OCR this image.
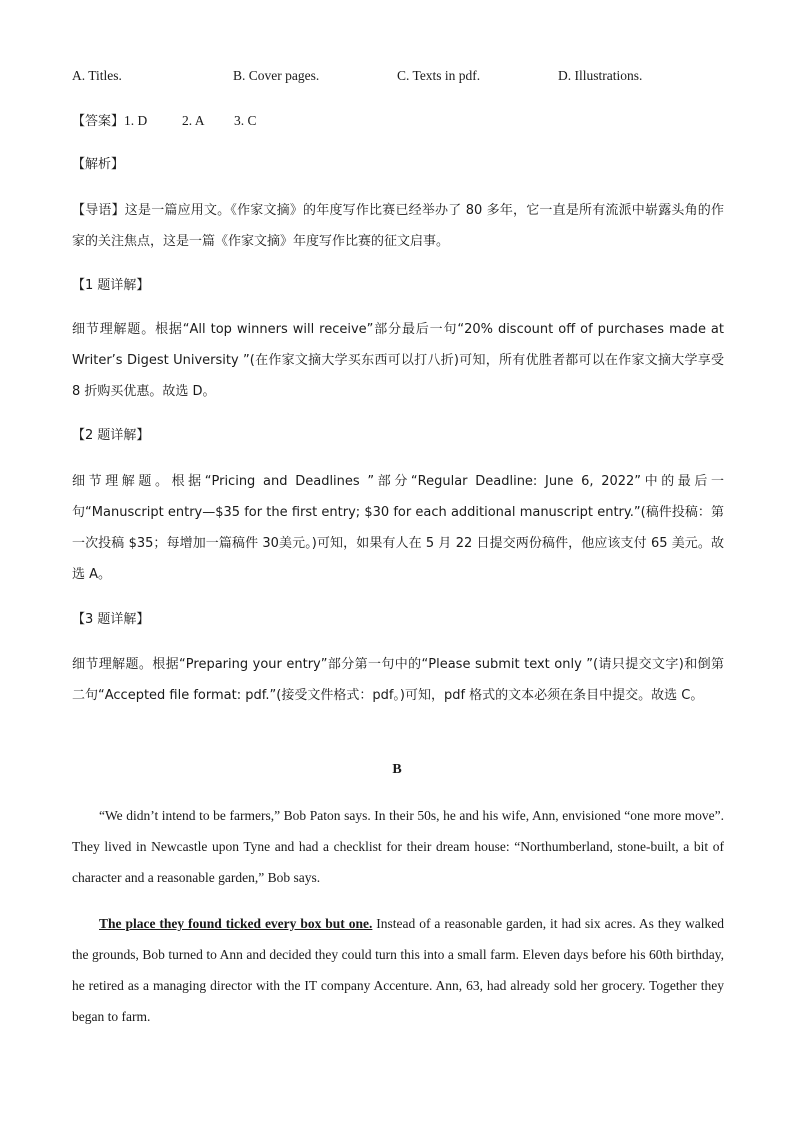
A. Titles.	B. Cover pages.	C. Texts in pdf.	D. Illustrations.
【答案】1. D	2. A 3. C
【解析】
【导语】这是一篇应用文。《作家文摘》的年度写作比赛已经举办了 80 多年，它一直是所有流派中崭露头角的作家的关注焦点，这是一篇《作家文摘》年度写作比赛的征文启事。
【1 题详解】
细节理解题。根据“All top winners will receive”部分最后一句“20% discount off of purchases made at Writer’s Digest University ”(在作家文摘大学买东西可以打八折)可知，所有优胜者都可以在作家文摘大学享受 8 折购买优惠。故选 D。
【2 题详解】
细节理解题。根据“Pricing and Deadlines ”部分“Regular Deadline: June 6, 2022”中的最后一句“Manuscript entry—$35 for the first entry; $30 for each additional manuscript entry.”(稿件投稿：第一次投稿 $35；每增加一篇稿件 30美元。)可知，如果有人在 5 月 22 日提交两份稿件，他应该支付 65 美元。故选 A。
【3 题详解】
细节理解题。根据“Preparing your entry”部分第一句中的“Please submit text only ”(请只提交文字)和倒第二句“Accepted file format: pdf.”(接受文件格式：pdf。)可知，pdf 格式的文本必须在条目中提交。故选 C。
B
“We didn’t intend to be farmers,” Bob Paton says. In their 50s, he and his wife, Ann, envisioned “one more move”. They lived in Newcastle upon Tyne and had a checklist for their dream house: “Northumberland, stone-built, a bit of character and a reasonable garden,” Bob says.
The place they found ticked every box but one. Instead of a reasonable garden, it had six acres. As they walked the grounds, Bob turned to Ann and decided they could turn this into a small farm. Eleven days before his 60th birthday, he retired as a managing director with the IT company Accenture. Ann, 63, had already sold her grocery. Together they began to farm.
